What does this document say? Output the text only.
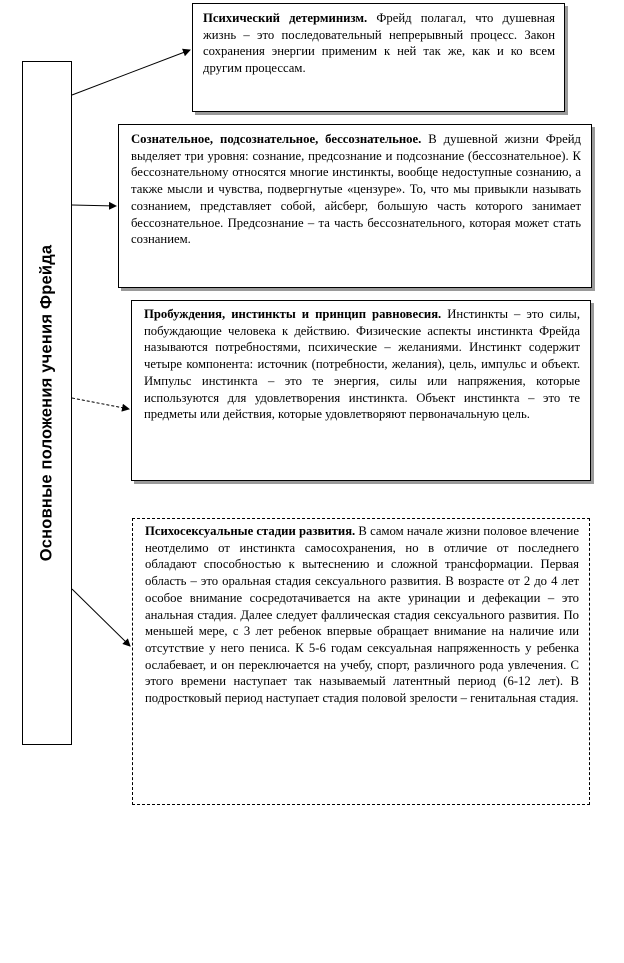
Основные положения учения Фрейда

Психический детерминизм. Фрейд полагал, что душевная жизнь – это последовательный непрерывный процесс. Закон сохранения энергии применим к ней так же, как и ко всем другим процессам.

Сознательное, подсознательное, бессознательное. В душевной жизни Фрейд выделяет три уровня: сознание, предсознание и подсознание (бессознательное). К бессознательному относятся многие инстинкты, вообще недоступные сознанию, а также мысли и чувства, подвергнутые «цензуре». То, что мы привыкли называть сознанием, представляет собой, айсберг, большую часть которого занимает бессознательное. Предсознание – та часть бессознательного, которая может стать сознанием.

Пробуждения, инстинкты и принцип равновесия. Инстинкты – это силы, побуждающие человека к действию. Физические аспекты инстинкта Фрейда называются потребностями, психические – желаниями. Инстинкт содержит четыре компонента: источник (потребности, желания), цель, импульс и объект. Импульс инстинкта – это те энергия, силы или напряжения, которые используются для удовлетворения инстинкта. Объект инстинкта – это те предметы или действия, которые удовлетворяют первоначальную цель.

Психосексуальные стадии развития. В самом начале жизни половое влечение неотделимо от инстинкта самосохранения, но в отличие от последнего обладают способностью к вытеснению и сложной трансформации. Первая область – это оральная стадия сексуального развития. В возрасте от 2 до 4 лет особое внимание сосредотачивается на акте уринации и дефекации – это анальная стадия. Далее следует фаллическая стадия сексуального развития. По меньшей мере, с 3 лет ребенок впервые обращает внимание на наличие или отсутствие у него пениса. К 5-6 годам сексуальная напряженность у ребенка ослабевает, и он переключается на учебу, спорт, различного рода увлечения. С этого времени наступает так называемый латентный период (6-12 лет). В подростковый период наступает стадия половой зрелости – генитальная стадия.
